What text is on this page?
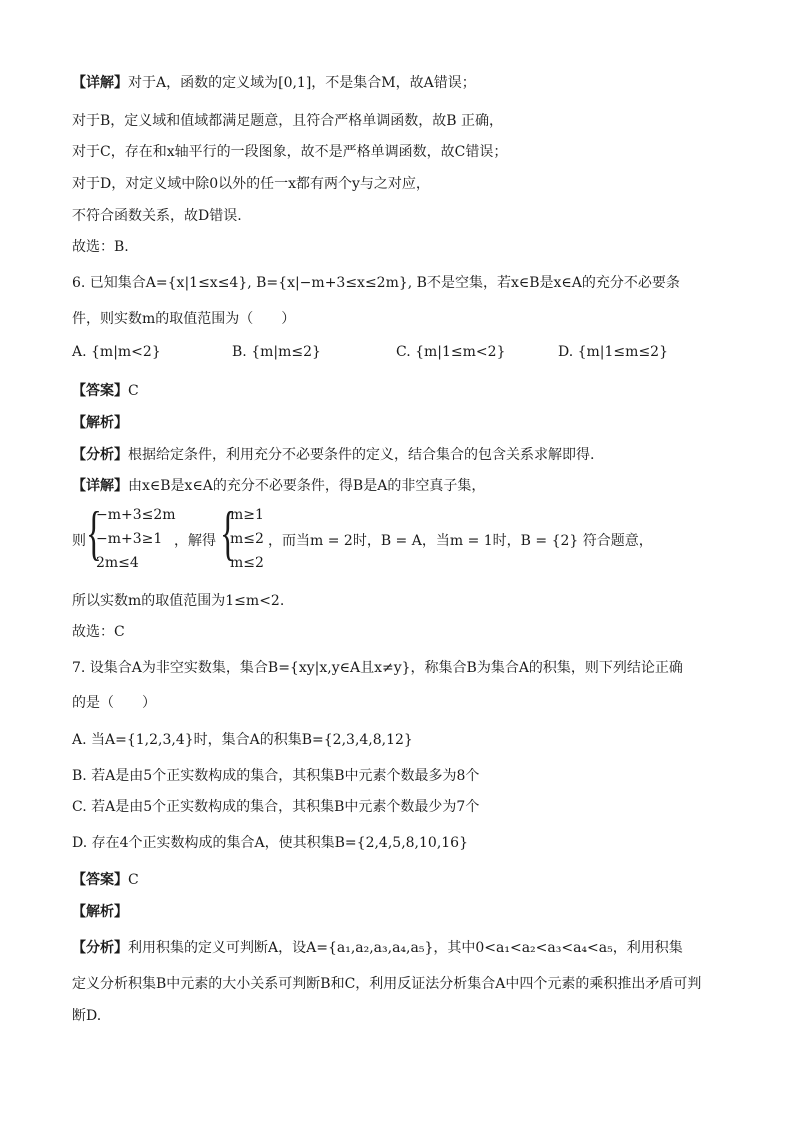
【详解】对于A，函数的定义域为[0,1]，不是集合M，故A错误；
对于B，定义域和值域都满足题意，且符合严格单调函数，故B 正确，
对于C，存在和x轴平行的一段图象，故不是严格单调函数，故C错误；
对于D，对定义域中除0以外的任一x都有两个y与之对应，
不符合函数关系，故D错误.
故选：B.
6. 已知集合A={x|1≤x≤4}, B={x|−m+3≤x≤2m}, B不是空集，若x∈B是x∈A的充分不必要条
件，则实数m的取值范围为（　　）
A. {m|m<2}	B. {m|m≤2}	C. {m|1≤m<2}	D. {m|1≤m≤2}
【答案】C
【解析】
【分析】根据给定条件，利用充分不必要条件的定义，结合集合的包含关系求解即得.
【详解】由x∈B是x∈A的充分不必要条件，得B是A的非空真子集，
则 {
−m+3≤2m
−m+3≥1
2m≤4
，解得 {
m≥1
m≤2
m≤2
，而当m = 2时，B = A，当m = 1时，B = {2} 符合题意，
所以实数m的取值范围为1≤m<2.
故选：C
7. 设集合A为非空实数集，集合B={xy|x,y∈A且x≠y}，称集合B为集合A的积集，则下列结论正确
的是（　　）
A. 当A={1,2,3,4}时，集合A的积集B={2,3,4,8,12}
B. 若A是由5个正实数构成的集合，其积集B中元素个数最多为8个
C. 若A是由5个正实数构成的集合，其积集B中元素个数最少为7个
D. 存在4个正实数构成的集合A，使其积集B={2,4,5,8,10,16}
【答案】C
【解析】
【分析】利用积集的定义可判断A，设A={a₁,a₂,a₃,a₄,a₅}，其中0<a₁<a₂<a₃<a₄<a₅，利用积集
定义分析积集B中元素的大小关系可判断B和C，利用反证法分析集合A中四个元素的乘积推出矛盾可判
断D.
